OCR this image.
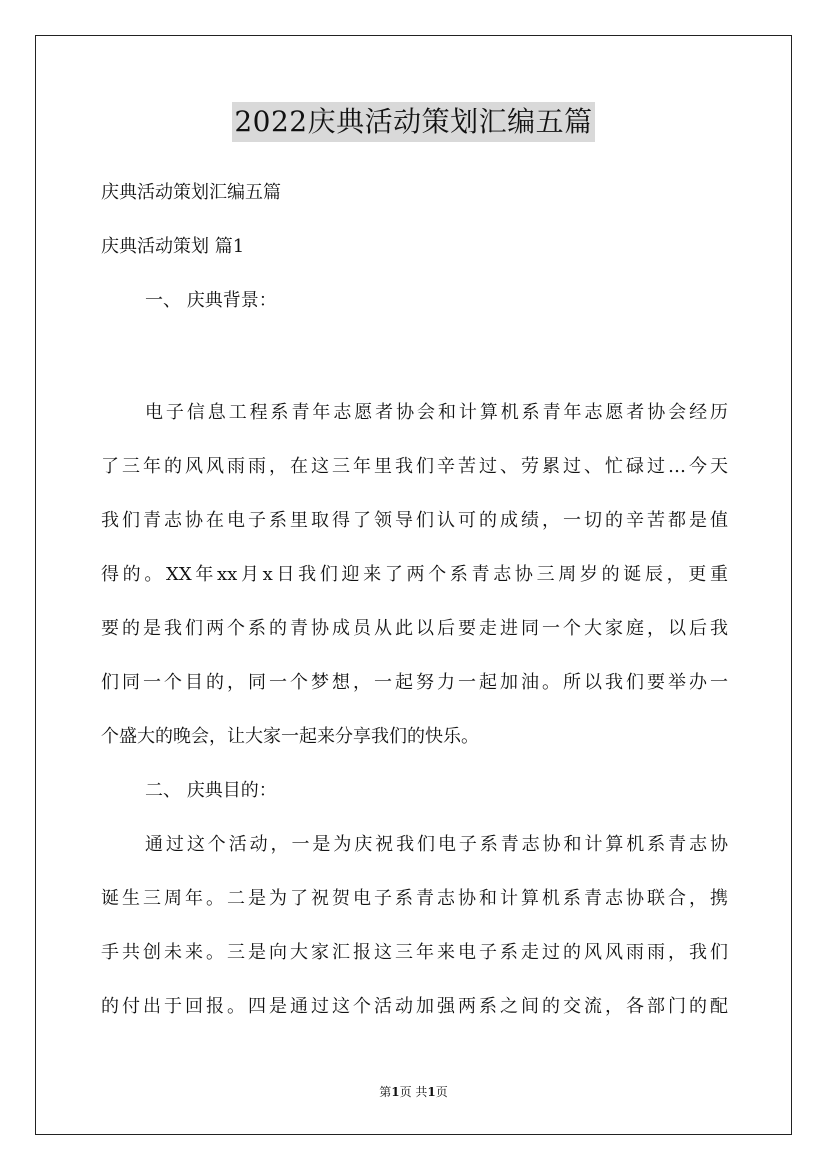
2022庆典活动策划汇编五篇
庆典活动策划汇编五篇
庆典活动策划 篇1
一、 庆典背景：
电子信息工程系青年志愿者协会和计算机系青年志愿者协会经历
了三年的风风雨雨，在这三年里我们辛苦过、劳累过、忙碌过…今天
我们青志协在电子系里取得了领导们认可的成绩，一切的辛苦都是值
得的。XX年xx月x日我们迎来了两个系青志协三周岁的诞辰，更重
要的是我们两个系的青协成员从此以后要走进同一个大家庭，以后我
们同一个目的，同一个梦想，一起努力一起加油。所以我们要举办一
个盛大的晚会，让大家一起来分享我们的快乐。
二、 庆典目的：
通过这个活动，一是为庆祝我们电子系青志协和计算机系青志协
诞生三周年。二是为了祝贺电子系青志协和计算机系青志协联合，携
手共创未来。三是向大家汇报这三年来电子系走过的风风雨雨，我们
的付出于回报。四是通过这个活动加强两系之间的交流，各部门的配
第1页 共1页
